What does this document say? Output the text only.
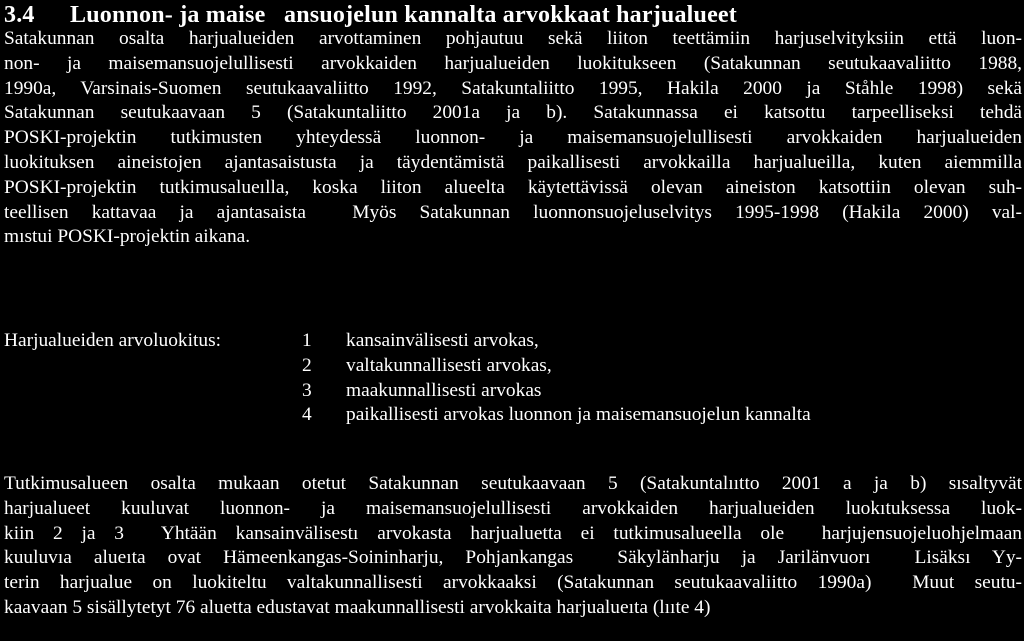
3.4 Luonnon- ja maise   ansuojelun kannalta arvokkaat harjualueet
Satakunnan osalta harjualueiden arvottaminen pohjautuu sekä liiton teettämiin harjuselvityksiin että luon-
non- ja maisemansuojelullisesti arvokkaiden harjualueiden luokitukseen (Satakunnan seutukaavaliitto 1988,
1990a, Varsinais-Suomen seutukaavaliitto 1992, Satakuntaliitto 1995, Hakila 2000 ja Ståhle 1998) sekä
Satakunnan seutukaavaan 5 (Satakuntaliitto 2001a ja b). Satakunnassa ei katsottu tarpeelliseksi tehdä
POSKI-projektin tutkimusten yhteydessä luonnon- ja maisemansuojelullisesti arvokkaiden harjualueiden
luokituksen aineistojen ajantasaistusta ja täydentämistä paikallisesti arvokkailla harjualueilla, kuten aiemmilla
POSKI-projektin tutkimusalueılla, koska liiton alueelta käytettävissä olevan aineiston katsottiin olevan suh-
teellisen kattavaa ja ajantasaista  Myös Satakunnan luonnonsuojeluselvitys 1995-1998 (Hakila 2000) val-
mıstui POSKI-projektin aikana.
Harjualueiden arvoluokitus:	1	kansainvälisesti arvokas,
2	valtakunnallisesti arvokas,
3	maakunnallisesti arvokas
4	paikallisesti arvokas luonnon ja maisemansuojelun kannalta
Tutkimusalueen osalta mukaan otetut Satakunnan seutukaavaan 5 (Satakuntalııtto 2001 a ja b) sısaltyvät
harjualueet kuuluvat luonnon- ja maisemansuojelullisesti arvokkaiden harjualueiden luokıtuksessa luok-
kiin 2 ja 3  Yhtään kansainvälisestı arvokasta harjualuetta ei tutkimusalueella ole  harjujensuojeluohjelmaan
kuuluvıa alueıta ovat Hämeenkangas-Soininharju, Pohjankangas  Säkylänharju ja Jarilänvuorı  Lisäksı Yy-
terin harjualue on luokiteltu valtakunnallisesti arvokkaaksi (Satakunnan seutukaavaliitto 1990a)  Muut seutu-
kaavaan 5 sisällytetyt 76 aluetta edustavat maakunnallisesti arvokkaita harjualueıta (lııte 4)
